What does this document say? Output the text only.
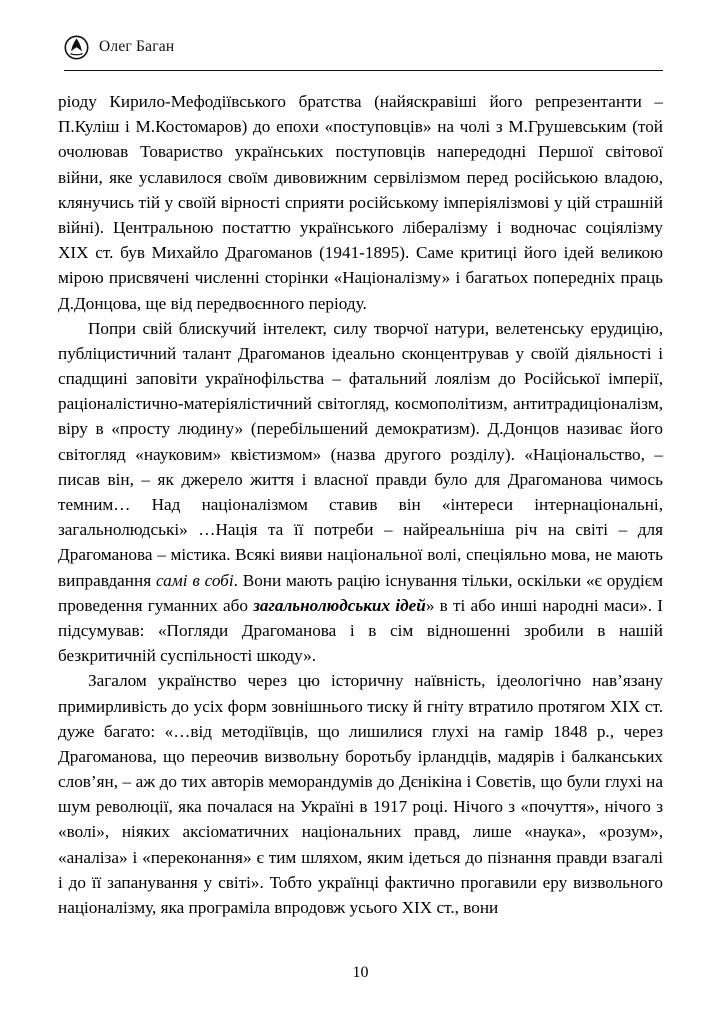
Олег Баган

ріоду Кирило-Мефодіївського братства (найяскравіші його репрезентанти – П.Куліш і М.Костомаров) до епохи «поступовців» на чолі з М.Грушевським (той очолював Товариство українських поступовців напередодні Першої світової війни, яке уславилося своїм дивовижним сервілізмом перед російською владою, клянучись тій у своїй вірності сприяти російському імперіялізмові у цій страшній війні). Центральною постаттю українського лібералізму і водночас соціялізму XIX ст. був Михайло Драгоманов (1941-1895). Саме критиці його ідей великою мірою присвячені численні сторінки «Націоналізму» і багатьох попередніх праць Д.Донцова, ще від передвоєнного періоду.

Попри свій блискучий інтелект, силу творчої натури, велетенську ерудицію, публіцистичний талант Драгоманов ідеально сконцентрував у своїй діяльності і спадщині заповіти українофільства – фатальний лоялізм до Російської імперії, раціоналістично-матеріялістичний світогляд, космополітизм, антитрадиціоналізм, віру в «просту людину» (перебільшений демократизм). Д.Донцов називає його світогляд «науковим» квієтизмом» (назва другого розділу). «Національство, – писав він, – як джерело життя і власної правди було для Драгоманова чимось темним… Над націоналізмом ставив він «інтереси інтернаціональні, загальнолюдські» …Нація та її потреби – найреальніша річ на світі – для Драгоманова – містика. Всякі вияви національної волі, спеціяльно мова, не мають виправдання самі в собі. Вони мають рацію існування тільки, оскільки «є орудієм проведення гуманних або загальнолюдських ідей» в ті або инші народні маси». І підсумував: «Погляди Драгоманова і в сім відношенні зробили в нашій безкритичній суспільності шкоду».

Загалом українство через цю історичну наївність, ідеологічно нав’язану примирливість до усіх форм зовнішнього тиску й гніту втратило протягом XIX ст. дуже багато: «…від методіївців, що лишилися глухі на гамір 1848 р., через Драгоманова, що переочив визвольну боротьбу ірландців, мадярів і балканських слов’ян, – аж до тих авторів меморандумів до Дєнікіна і Совєтів, що були глухі на шум революції, яка почалася на Україні в 1917 році. Нічого з «почуття», нічого з «волі», ніяких аксіоматичних національних правд, лише «наука», «розум», «аналіза» і «переконання» є тим шляхом, яким ідеться до пізнання правди взагалі і до її запанування у світі». Тобто українці фактично прогавили еру визвольного націоналізму, яка програміла впродовж усього XIX ст., вони

10
